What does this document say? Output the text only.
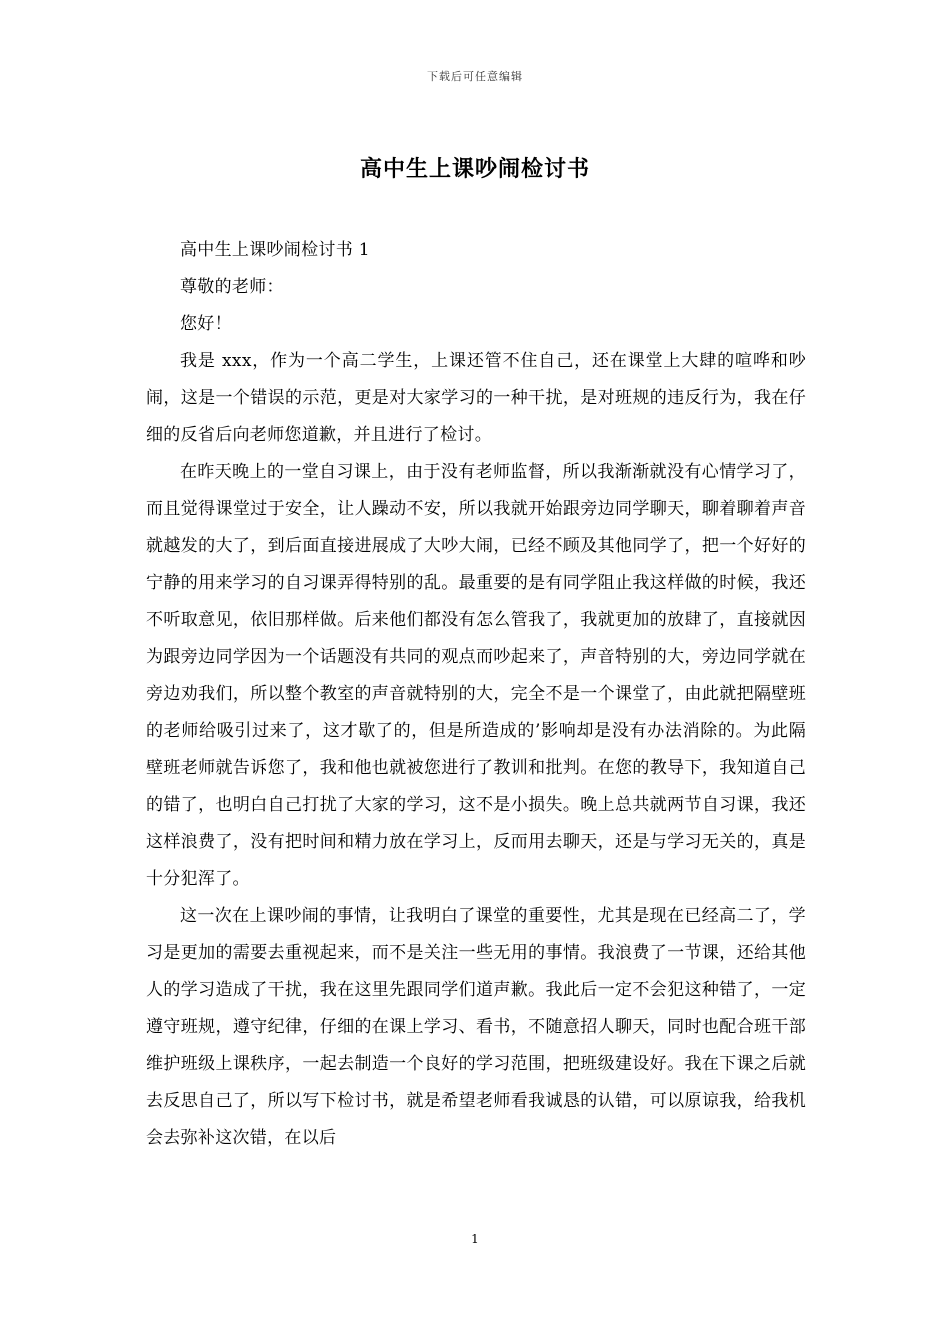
下载后可任意编辑
高中生上课吵闹检讨书

高中生上课吵闹检讨书 1

尊敬的老师：

您好！

我是 xxx，作为一个高二学生，上课还管不住自己，还在课堂上大肆的喧哗和吵闹，这是一个错误的示范，更是对大家学习的一种干扰，是对班规的违反行为，我在仔细的反省后向老师您道歉，并且进行了检讨。

在昨天晚上的一堂自习课上，由于没有老师监督，所以我渐渐就没有心情学习了，而且觉得课堂过于安全，让人躁动不安，所以我就开始跟旁边同学聊天，聊着聊着声音就越发的大了，到后面直接进展成了大吵大闹，已经不顾及其他同学了，把一个好好的宁静的用来学习的自习课弄得特别的乱。最重要的是有同学阻止我这样做的时候，我还不听取意见，依旧那样做。后来他们都没有怎么管我了，我就更加的放肆了，直接就因为跟旁边同学因为一个话题没有共同的观点而吵起来了，声音特别的大，旁边同学就在旁边劝我们，所以整个教室的声音就特别的大，完全不是一个课堂了，由此就把隔壁班的老师给吸引过来了，这才歇了的，但是所造成的’影响却是没有办法消除的。为此隔壁班老师就告诉您了，我和他也就被您进行了教训和批判。在您的教导下，我知道自己的错了，也明白自己打扰了大家的学习，这不是小损失。晚上总共就两节自习课，我还这样浪费了，没有把时间和精力放在学习上，反而用去聊天，还是与学习无关的，真是十分犯浑了。

这一次在上课吵闹的事情，让我明白了课堂的重要性，尤其是现在已经高二了，学习是更加的需要去重视起来，而不是关注一些无用的事情。我浪费了一节课，还给其他人的学习造成了干扰，我在这里先跟同学们道声歉。我此后一定不会犯这种错了，一定遵守班规，遵守纪律，仔细的在课上学习、看书，不随意招人聊天，同时也配合班干部维护班级上课秩序，一起去制造一个良好的学习范围，把班级建设好。我在下课之后就去反思自己了，所以写下检讨书，就是希望老师看我诚恳的认错，可以原谅我，给我机会去弥补这次错，在以后

1
